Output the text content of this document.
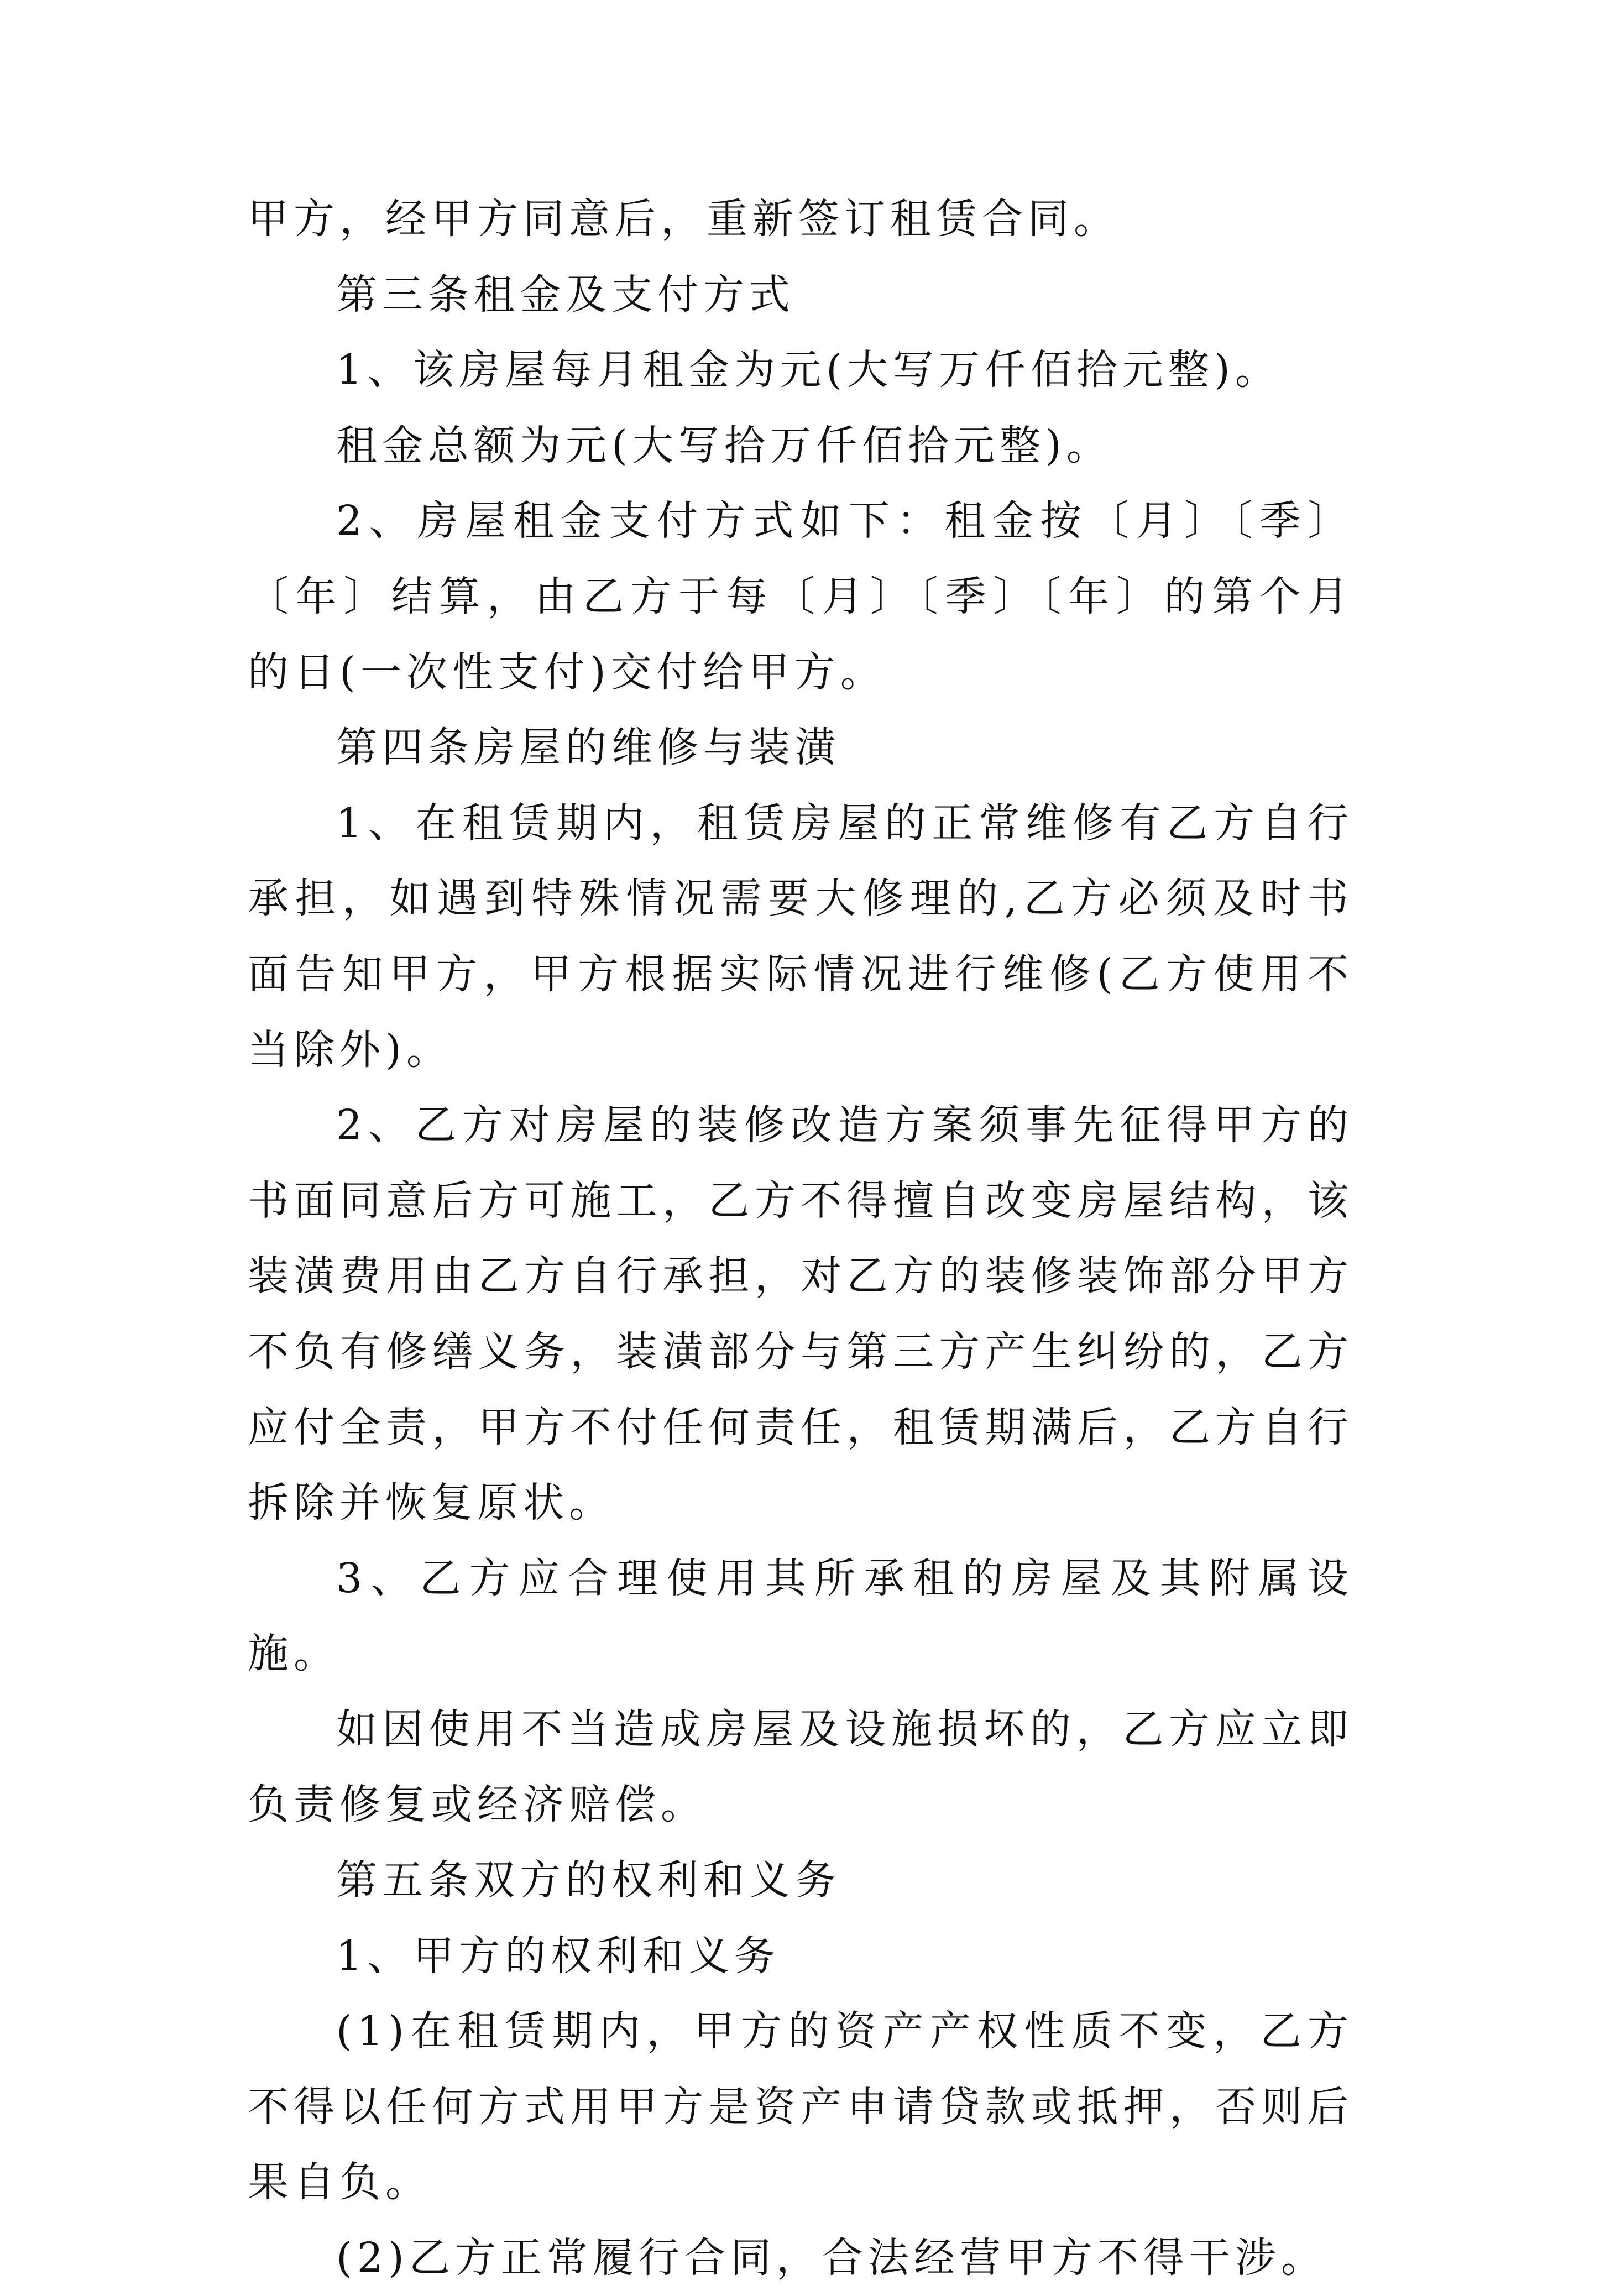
甲方，经甲方同意后，重新签订租赁合同。

第三条租金及支付方式

1、该房屋每月租金为元(大写万仟佰拾元整)。

租金总额为元(大写拾万仟佰拾元整)。

2、房屋租金支付方式如下：租金按〔月〕〔季〕〔年〕结算，由乙方于每〔月〕〔季〕〔年〕的第个月的日(一次性支付)交付给甲方。

第四条房屋的维修与装潢

1、在租赁期内，租赁房屋的正常维修有乙方自行承担，如遇到特殊情况需要大修理的,乙方必须及时书面告知甲方，甲方根据实际情况进行维修(乙方使用不当除外)。

2、乙方对房屋的装修改造方案须事先征得甲方的书面同意后方可施工，乙方不得擅自改变房屋结构，该装潢费用由乙方自行承担，对乙方的装修装饰部分甲方不负有修缮义务，装潢部分与第三方产生纠纷的，乙方应付全责，甲方不付任何责任，租赁期满后，乙方自行拆除并恢复原状。

3、乙方应合理使用其所承租的房屋及其附属设施。

如因使用不当造成房屋及设施损坏的，乙方应立即负责修复或经济赔偿。

第五条双方的权利和义务

1、甲方的权利和义务

(1)在租赁期内，甲方的资产产权性质不变，乙方不得以任何方式用甲方是资产申请贷款或抵押，否则后果自负。

(2)乙方正常履行合同，合法经营甲方不得干涉。
